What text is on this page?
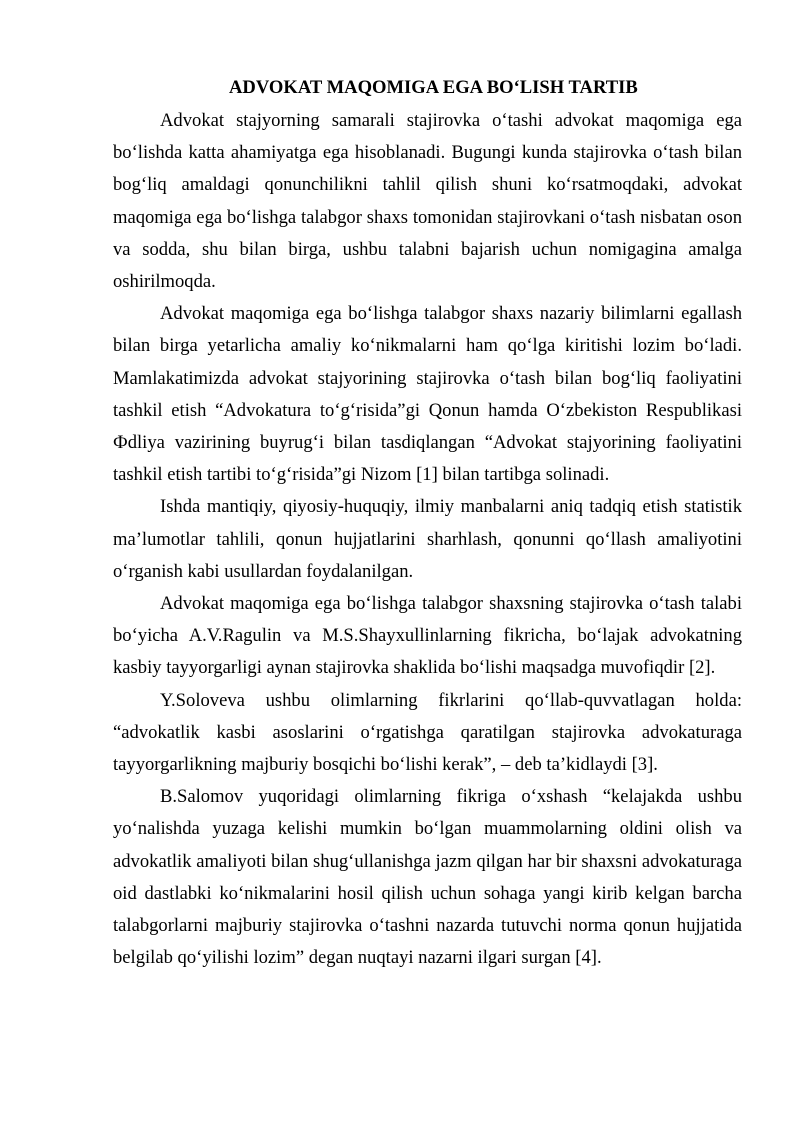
ADVOKAT MAQOMIGA EGA BO‘LISH TARTIB

Advokat stajyorning samarali stajirovka o‘tashi advokat maqomiga ega bo‘lishda katta ahamiyatga ega hisoblanadi. Bugungi kunda stajirovka o‘tash bilan bog‘liq amaldagi qonunchilikni tahlil qilish shuni ko‘rsatmoqdaki, advokat maqomiga ega bo‘lishga talabgor shaxs tomonidan stajirovkani o‘tash nisbatan oson va sodda, shu bilan birga, ushbu talabni bajarish uchun nomigagina amalga oshirilmoqda.

Advokat maqomiga ega bo‘lishga talabgor shaxs nazariy bilimlarni egallash bilan birga yetarlicha amaliy ko‘nikmalarni ham qo‘lga kiritishi lozim bo‘ladi. Mamlakatimizda advokat stajyorining stajirovka o‘tash bilan bog‘liq faoliyatini tashkil etish “Advokatura to‘g‘risida”gi Qonun hamda O‘zbekiston Respublikasi Фdliya vazirining buyrug‘i bilan tasdiqlangan “Advokat stajyorining faoliyatini tashkil etish tartibi to‘g‘risida”gi Nizom [1] bilan tartibga solinadi.

Ishda mantiqiy, qiyosiy-huquqiy, ilmiy manbalarni aniq tadqiq etish statistik ma’lumotlar tahlili, qonun hujjatlarini sharhlash, qonunni qo‘llash amaliyotini o‘rganish kabi usullardan foydalanilgan.

Advokat maqomiga ega bo‘lishga talabgor shaxsning stajirovka o‘tash talabi bo‘yicha A.V.Ragulin va M.S.Shayxullinlarning fikricha, bo‘lajak advokatning kasbiy tayyorgarligi aynan stajirovka shaklida bo‘lishi maqsadga muvofiqdir [2].

Y.Soloveva ushbu olimlarning fikrlarini qo‘llab-quvvatlagan holda: “advokatlik kasbi asoslarini o‘rgatishga qaratilgan stajirovka advokaturaga tayyorgarlikning majburiy bosqichi bo‘lishi kerak”, – deb ta’kidlaydi [3].

B.Salomov yuqoridagi olimlarning fikriga o‘xshash “kelajakda ushbu yo‘nalishda yuzaga kelishi mumkin bo‘lgan muammolarning oldini olish va advokatlik amaliyoti bilan shug‘ullanishga jazm qilgan har bir shaxsni advokaturaga oid dastlabki ko‘nikmalarini hosil qilish uchun sohaga yangi kirib kelgan barcha talabgorlarni majburiy stajirovka o‘tashni nazarda tutuvchi norma qonun hujjatida belgilab qo‘yilishi lozim” degan nuqtayi nazarni ilgari surgan [4].
